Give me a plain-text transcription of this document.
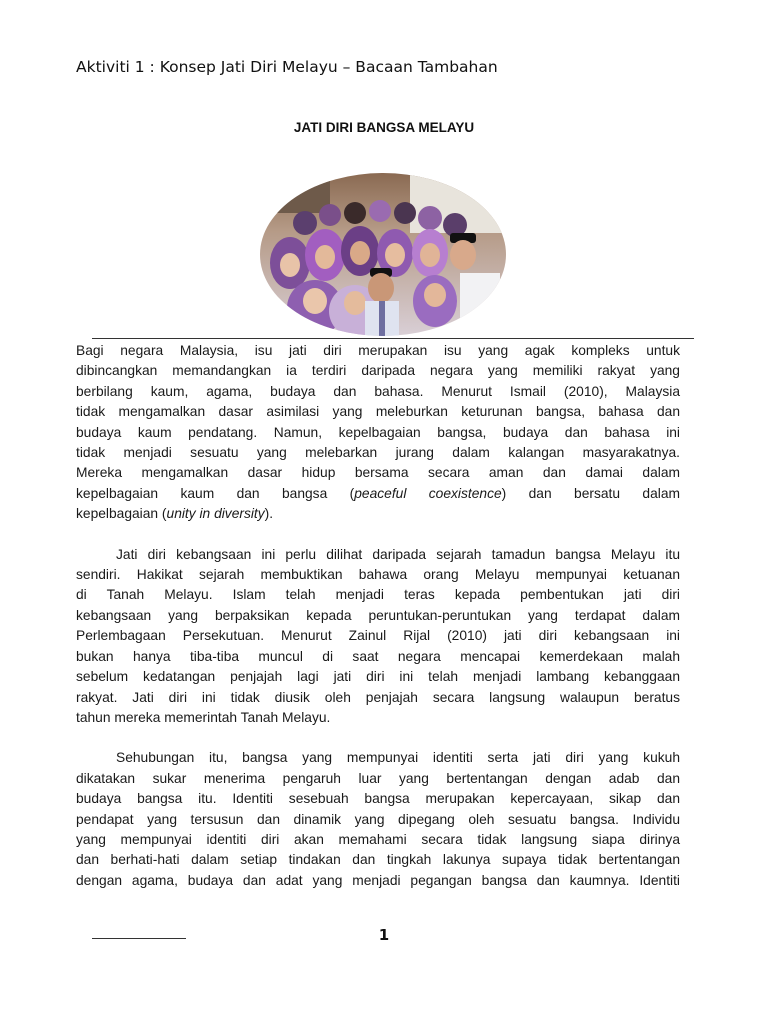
Aktiviti 1 : Konsep Jati Diri Melayu – Bacaan Tambahan
JATI DIRI BANGSA MELAYU

Bagi negara Malaysia, isu jati diri merupakan isu yang agak kompleks untuk
dibincangkan memandangkan ia terdiri daripada negara yang memiliki rakyat yang
berbilang kaum, agama, budaya dan bahasa. Menurut Ismail (2010), Malaysia
tidak mengamalkan dasar asimilasi yang meleburkan keturunan bangsa, bahasa dan
budaya kaum pendatang. Namun, kepelbagaian bangsa, budaya dan bahasa ini
tidak menjadi sesuatu yang melebarkan jurang dalam kalangan masyarakatnya.
Mereka mengamalkan dasar hidup bersama secara aman dan damai dalam
kepelbagaian kaum dan bangsa (peaceful coexistence) dan bersatu dalam
kepelbagaian (unity in diversity).

Jati diri kebangsaan ini perlu dilihat daripada sejarah tamadun bangsa Melayu itu
sendiri. Hakikat sejarah membuktikan bahawa orang Melayu mempunyai ketuanan
di Tanah Melayu. Islam telah menjadi teras kepada pembentukan jati diri
kebangsaan yang berpaksikan kepada peruntukan-peruntukan yang terdapat dalam
Perlembagaan Persekutuan. Menurut Zainul Rijal (2010) jati diri kebangsaan ini
bukan hanya tiba-tiba muncul di saat negara mencapai kemerdekaan malah
sebelum kedatangan penjajah lagi jati diri ini telah menjadi lambang kebanggaan
rakyat. Jati diri ini tidak diusik oleh penjajah secara langsung walaupun beratus
tahun mereka memerintah Tanah Melayu.

Sehubungan itu, bangsa yang mempunyai identiti serta jati diri yang kukuh
dikatakan sukar menerima pengaruh luar yang bertentangan dengan adab dan
budaya bangsa itu. Identiti sesebuah bangsa merupakan kepercayaan, sikap dan
pendapat yang tersusun dan dinamik yang dipegang oleh sesuatu bangsa. Individu
yang mempunyai identiti diri akan memahami secara tidak langsung siapa dirinya
dan berhati-hati dalam setiap tindakan dan tingkah lakunya supaya tidak bertentangan
dengan agama, budaya dan adat yang menjadi pegangan bangsa dan kaumnya. Identiti

1
